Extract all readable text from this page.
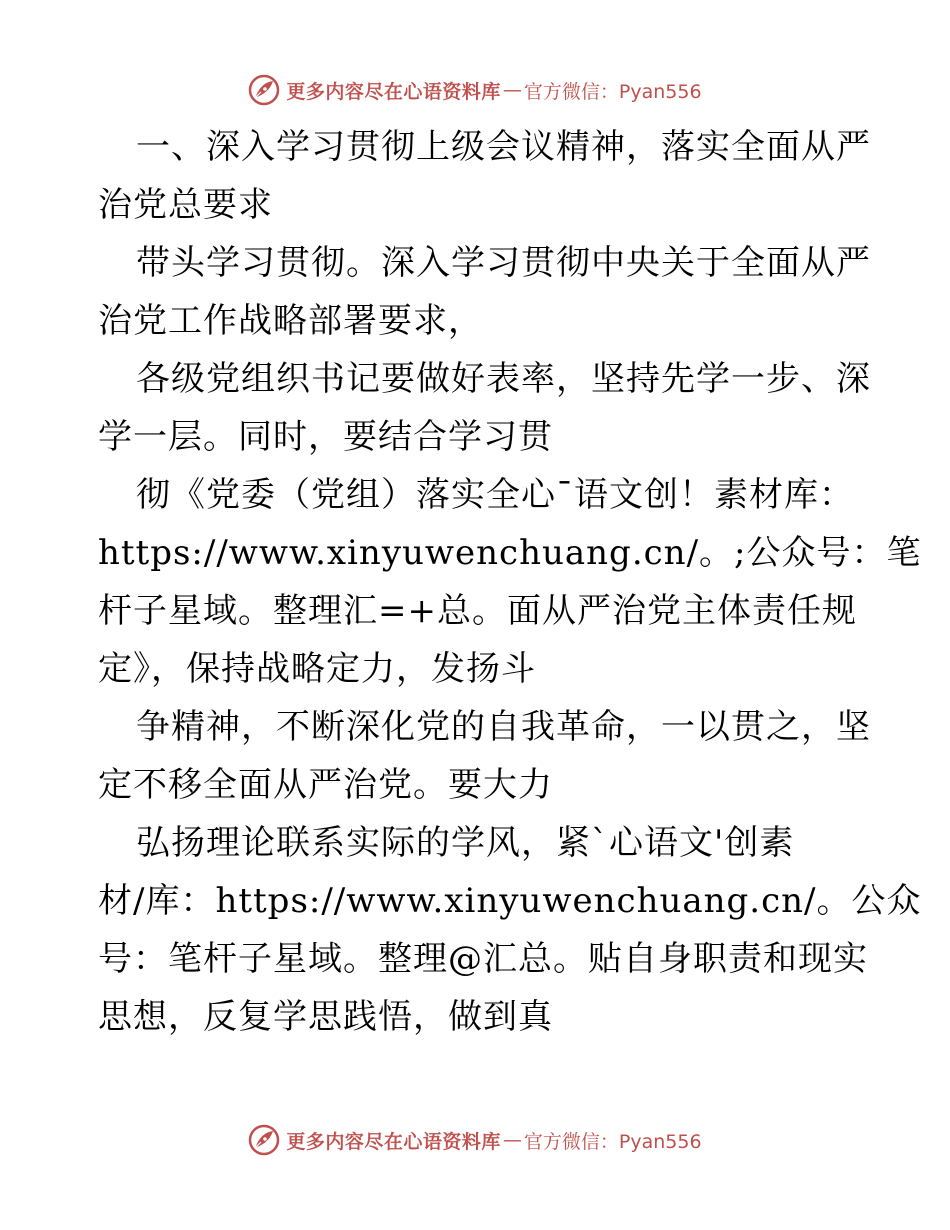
更多内容尽在心语资料库 — 官方微信：Pyan556
一、深入学习贯彻上级会议精神，落实全面从严
治党总要求
带头学习贯彻。深入学习贯彻中央关于全面从严
治党工作战略部署要求，
各级党组织书记要做好表率，坚持先学一步、深
学一层。同时，要结合学习贯
彻《党委（党组）落实全心¯语文创！素材库：
https://www.xinyuwenchuang.cn/。;公众号：笔
杆子星域。整理汇=+总。面从严治党主体责任规
定》，保持战略定力，发扬斗
争精神，不断深化党的自我革命，一以贯之，坚
定不移全面从严治党。要大力
弘扬理论联系实际的学风，紧`心语文'创素
材/库：https://www.xinyuwenchuang.cn/。公众
号：笔杆子星域。整理@汇总。贴自身职责和现实
思想，反复学思践悟，做到真
更多内容尽在心语资料库 — 官方微信：Pyan556
